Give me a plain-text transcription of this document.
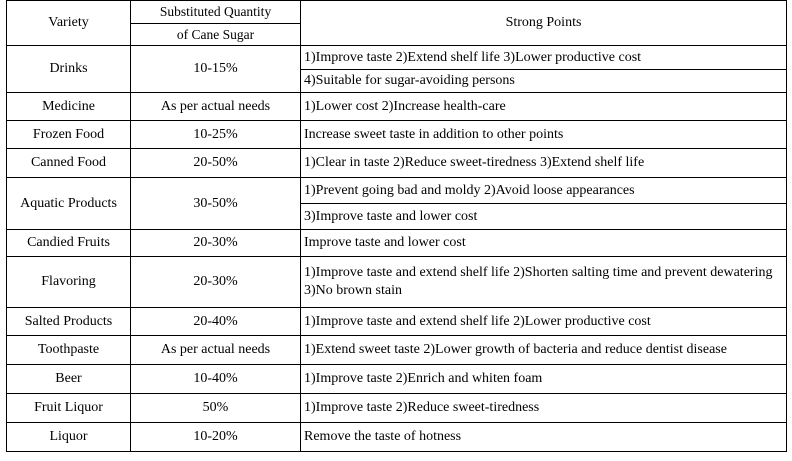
Variety	Substituted Quantity	Strong Points
	of Cane Sugar	
Drinks	10-15%	1)Improve taste 2)Extend shelf life 3)Lower productive cost
		4)Suitable for sugar-avoiding persons
Medicine	As per actual needs	1)Lower cost 2)Increase health-care
Frozen Food	10-25%	Increase sweet taste in addition to other points
Canned Food	20-50%	1)Clear in taste 2)Reduce sweet-tiredness 3)Extend shelf life
Aquatic Products	30-50%	1)Prevent going bad and moldy 2)Avoid loose appearances
		3)Improve taste and lower cost
Candied Fruits	20-30%	Improve taste and lower cost
Flavoring	20-30%	1)Improve taste and extend shelf life 2)Shorten salting time and prevent dewatering 3)No brown stain
Salted Products	20-40%	1)Improve taste and extend shelf life 2)Lower productive cost
Toothpaste	As per actual needs	1)Extend sweet taste 2)Lower growth of bacteria and reduce dentist disease
Beer	10-40%	1)Improve taste 2)Enrich and whiten foam
Fruit Liquor	50%	1)Improve taste 2)Reduce sweet-tiredness
Liquor	10-20%	Remove the taste of hotness
